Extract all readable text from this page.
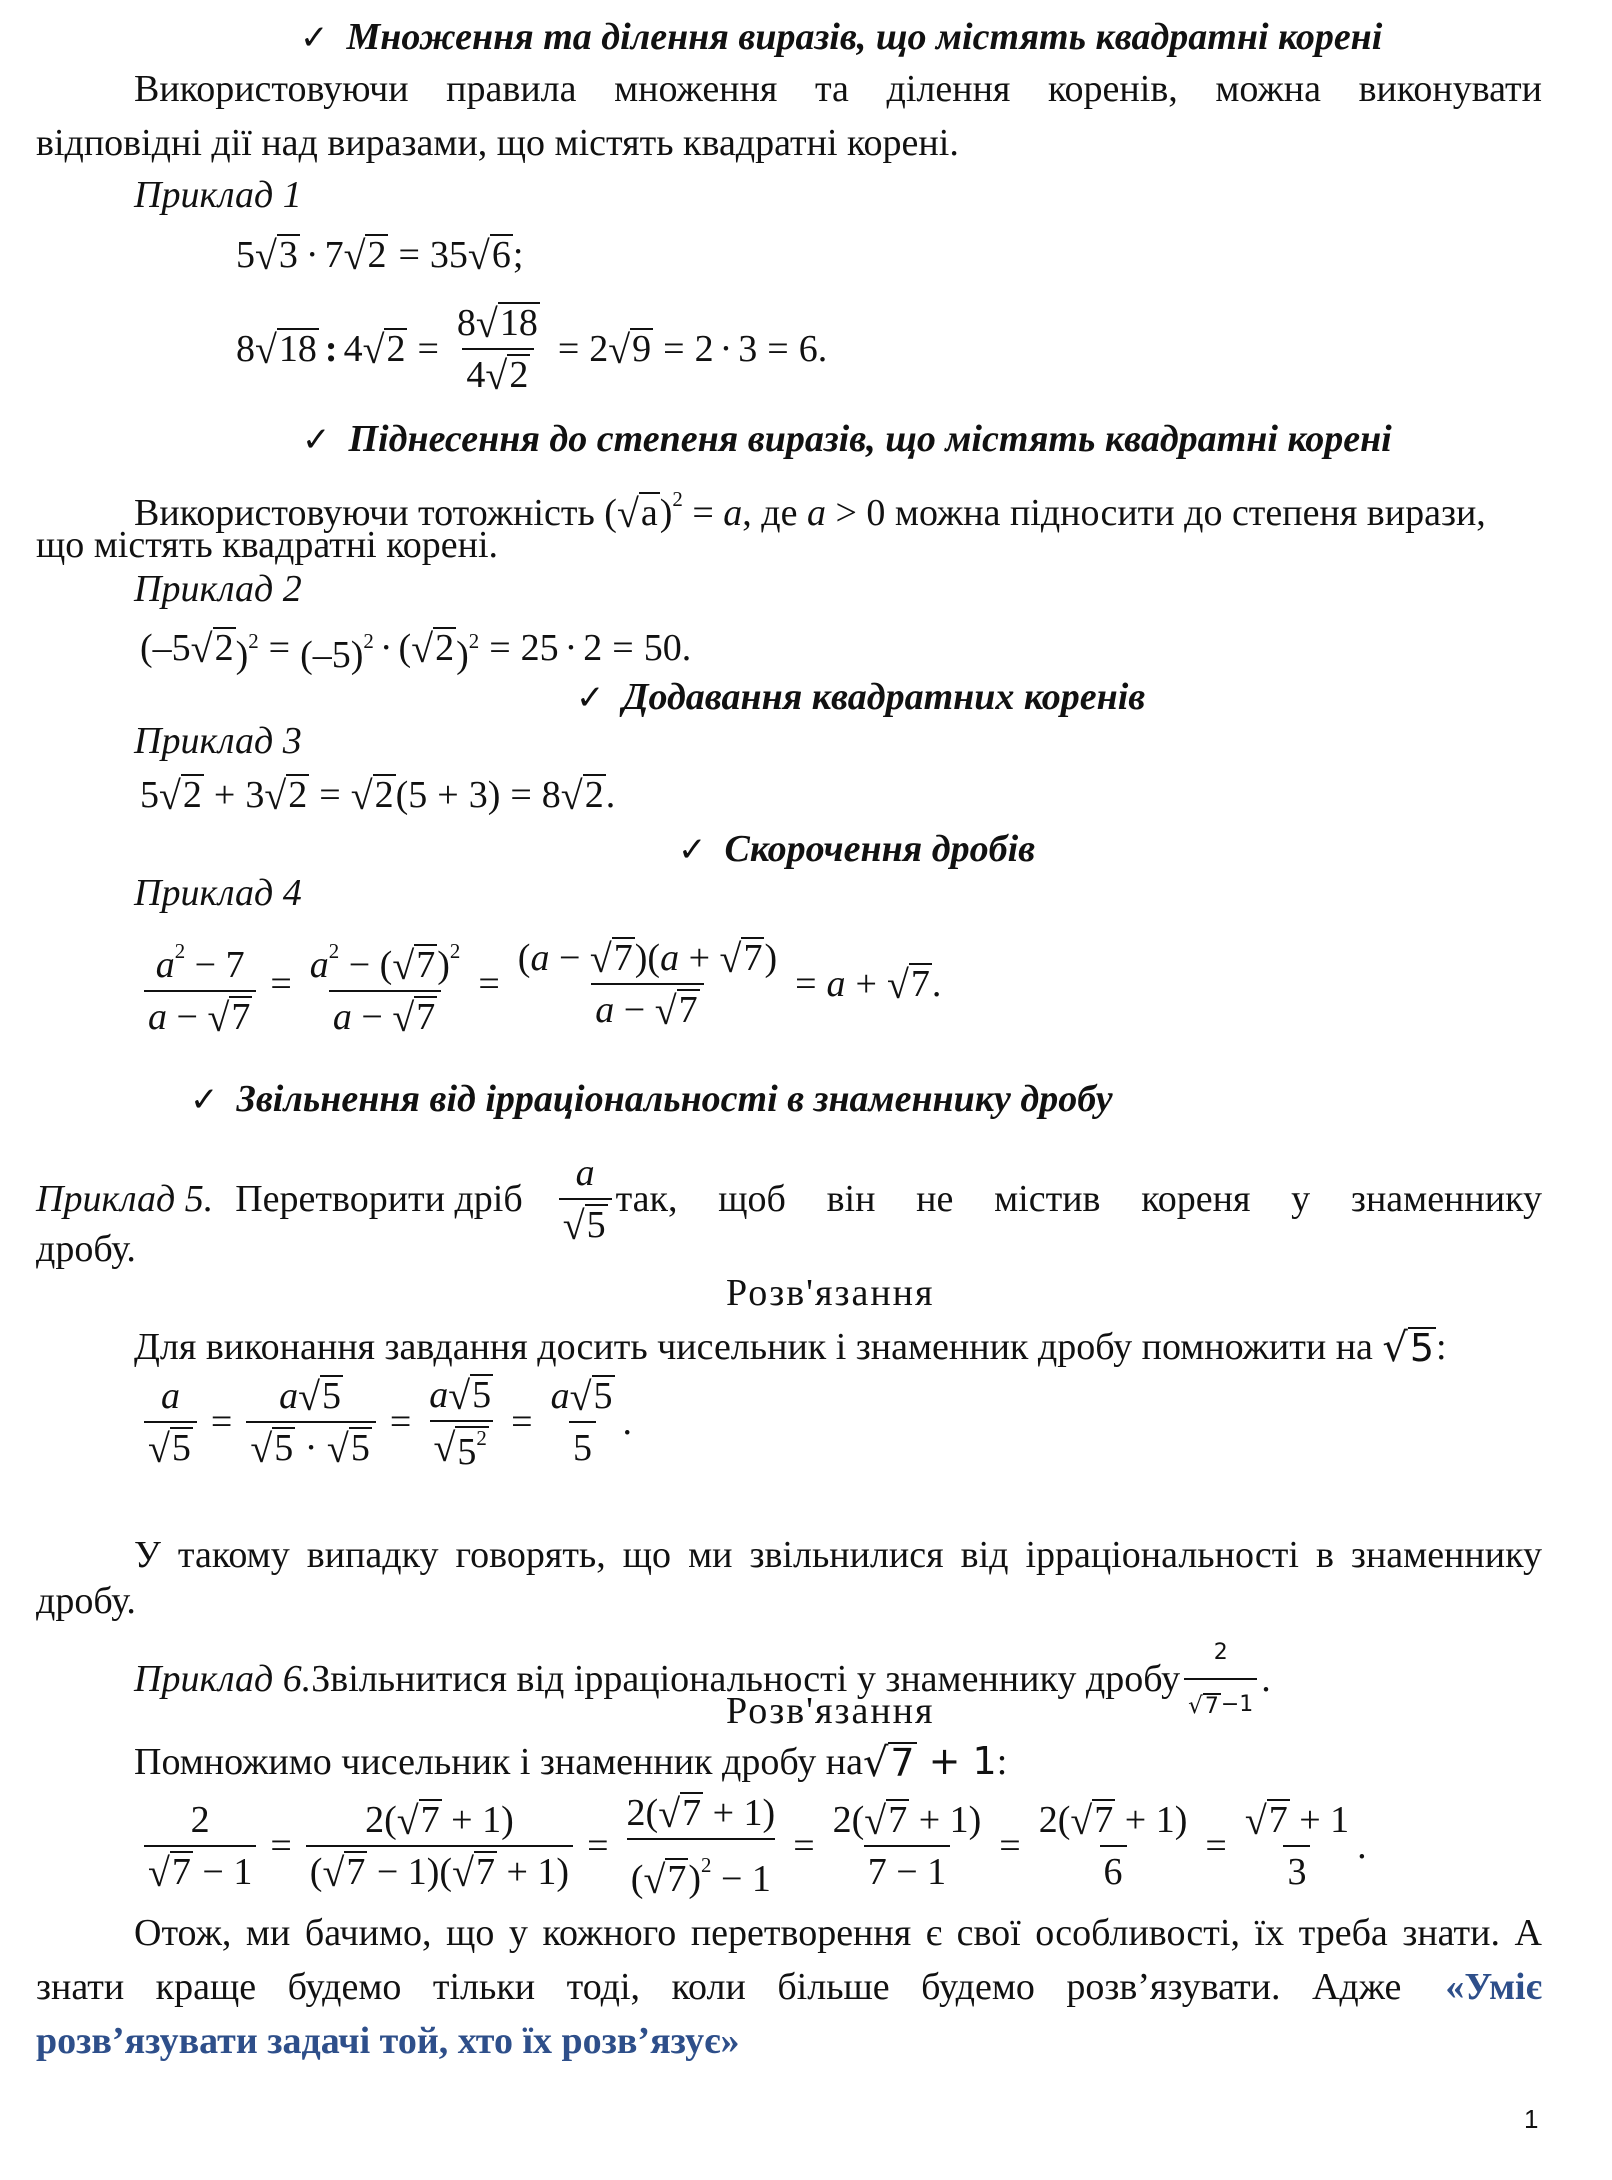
✓ Множення та ділення виразів, що містять квадратні корені
Використовуючи правила множення та ділення коренів, можна виконувати
відповідні дії над виразами, що містять квадратні корені.
Приклад 1
5 √ 3 · 7 √ 2 = 35 √ 6 ;
8 √ 18 : 4 √ $2 = \frac{8 √ 18}{4 √ 2} = 2$ √ 9 = 2 · 3 = 6.
✓ Піднесення до степеня виразів, що містять квадратні корені
Використовуючи тотожність ( √ a )$^2$ = a, де a > 0 можна підносити до степеня вирази,
що містять квадратні корені.
Приклад 2
(–5 √ 2 )$^2 = (-5)^2$ · ( √ 2 )$^2$ = 25 · 2 = 50.
✓ Додавання квадратних коренів
Приклад 3
5 √ 2 + 3 √ 2 = √ 2 (5 + 3) = 8 √ 2 .
✓ Скорочення дробів
Приклад 4
$\frac{a^2 - 7}{a - √ 7} = \frac{a^2 - ( √ 7 )^2}{a - √ 7} = \frac{(a - √ 7 )(a + √ 7 )}{a - √ 7} = a$ + √ 7 .
✓ Звільнення від ірраціональності в знаменнику дробу
Приклад 5. Перетворити дріб $\frac{a}{√ 5}$ так, щоб він не містив кореня у знаменнику
дробу.
Розв'язання
Для виконання завдання досить чисельник і знаменник дробу помножити на √ 5 :
$\frac{a}{√ 5} = \frac{a √ 5}{√ 5 \cdot √ 5} = \frac{a √ 5}{√ 5^2} = \frac{a √ 5}{5}$ .
У такому випадку говорять, що ми звільнилися від ірраціональності в знаменнику
дробу.
Приклад 6. Звільнитися від ірраціональності у знаменнику дробу $\frac{2}{√ 7 -1}$ .
Розв'язання
Помножимо чисельник і знаменник дробу на √ 7 + 1:
$\frac{2}{√ 7 - 1} = \frac{2( √ 7 + 1)}{( √ 7 - 1)( √ 7 + 1)} = \frac{2( √ 7 + 1)}{( √ 7 )^2 - 1} = \frac{2( √ 7 + 1)}{7 - 1} = \frac{2( √ 7 + 1)}{6} = \frac{√ 7 + 1}{3}$ .
Отож, ми бачимо, що у кожного перетворення є свої особливості, їх треба знати. А
знати краще будемо тільки тоді, коли більше будемо розв’язувати. Адже «Уміє
розв’язувати задачі той, хто їх розв’язує»
1
